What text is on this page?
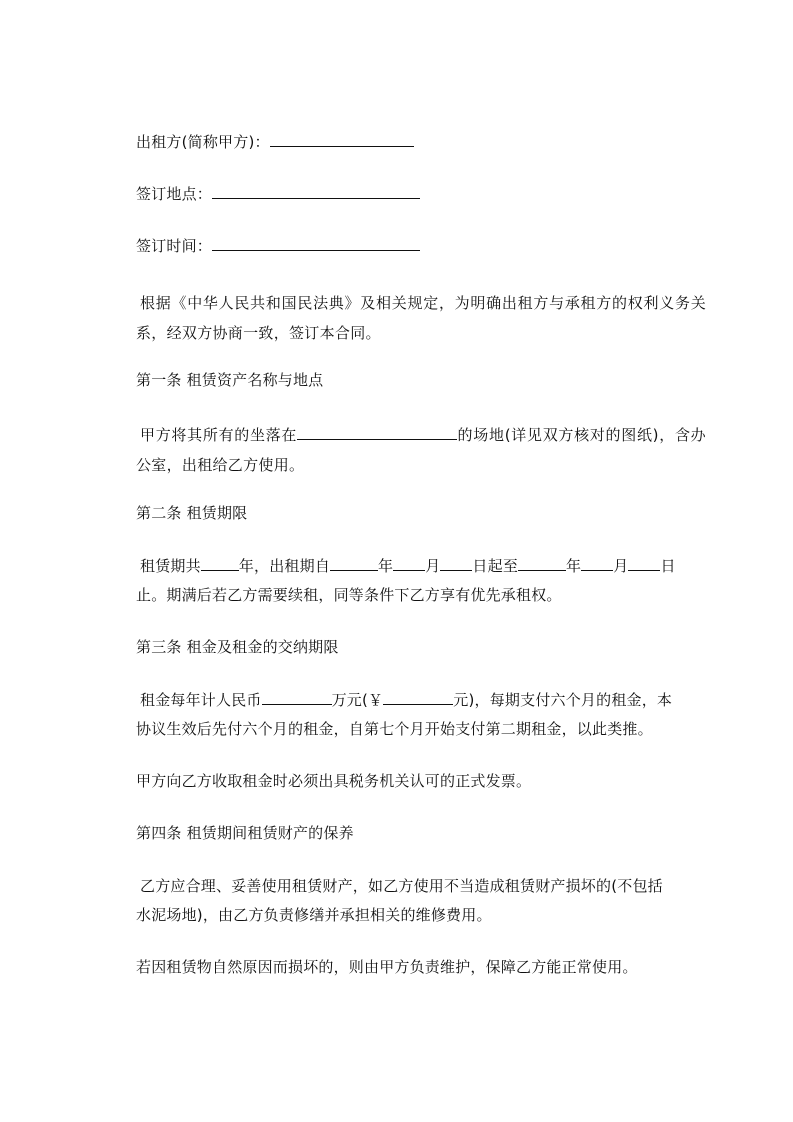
出租方(简称甲方)：
签订地点：
签订时间：
根据《中华人民共和国民法典》及相关规定，为明确出租方与承租方的权利义务关系，经双方协商一致，签订本合同。
第一条 租赁资产名称与地点
甲方将其所有的坐落在	的场地(详见双方核对的图纸)，含办公室，出租给乙方使用。
第二条 租赁期限
租赁期共	年，出租期自	年 月 日起至	年 月 日
止。期满后若乙方需要续租，同等条件下乙方享有优先承租权。
第三条 租金及租金的交纳期限
租金每年计人民币	万元(￥	元)，每期支付六个月的租金，本
协议生效后先付六个月的租金，自第七个月开始支付第二期租金，以此类推。
甲方向乙方收取租金时必须出具税务机关认可的正式发票。
第四条 租赁期间租赁财产的保养
乙方应合理、妥善使用租赁财产，如乙方使用不当造成租赁财产损坏的(不包括
水泥场地)，由乙方负责修缮并承担相关的维修费用。
若因租赁物自然原因而损坏的，则由甲方负责维护，保障乙方能正常使用。
